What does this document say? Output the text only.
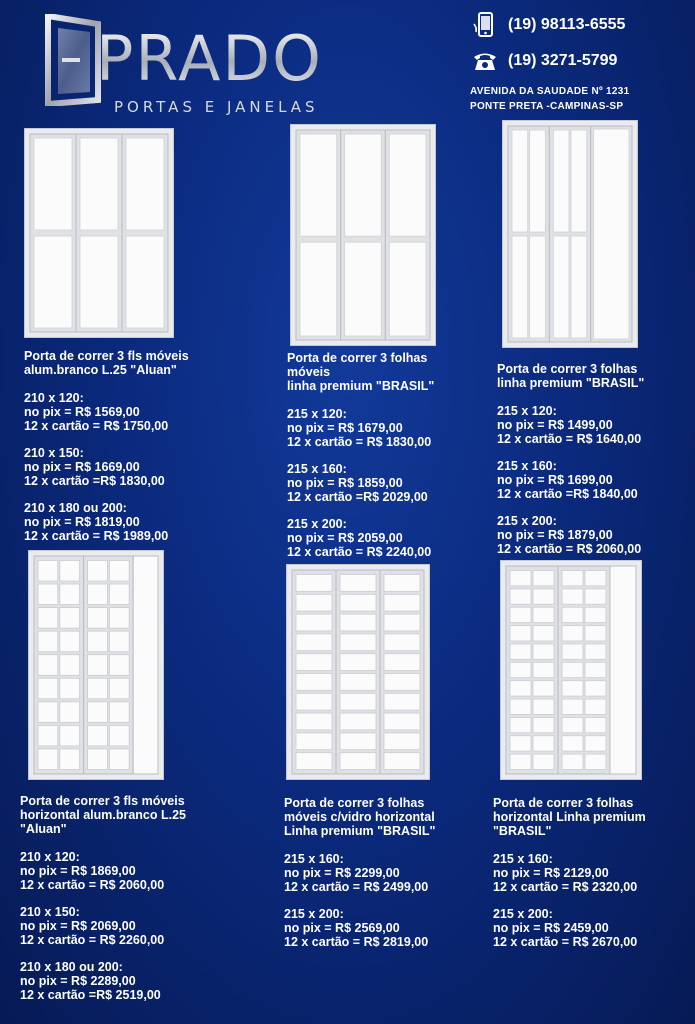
PRADO
PORTAS E JANELAS
(19) 98113-6555
(19) 3271-5799
AVENIDA DA SAUDADE Nº 1231
PONTE PRETA -CAMPINAS-SP
Porta de correr 3 fls móveis
alum.branco L.25 "Aluan"
210 x 120:
no pix = R$ 1569,00
12 x cartão = R$ 1750,00
210 x 150:
no pix = R$ 1669,00
12 x cartão =R$ 1830,00
210 x 180 ou 200:
no pix = R$ 1819,00
12 x cartão = R$ 1989,00
Porta de correr 3 folhas
móveis
linha premium "BRASIL"
215 x 120:
no pix = R$ 1679,00
12 x cartão = R$ 1830,00
215 x 160:
no pix = R$ 1859,00
12 x cartão =R$ 2029,00
215 x 200:
no pix = R$ 2059,00
12 x cartão = R$ 2240,00
Porta de correr 3 folhas
linha premium "BRASIL"
215 x 120:
no pix = R$ 1499,00
12 x cartão = R$ 1640,00
215 x 160:
no pix = R$ 1699,00
12 x cartão =R$ 1840,00
215 x 200:
no pix = R$ 1879,00
12 x cartão = R$ 2060,00
Porta de correr 3 fls móveis
horizontal alum.branco L.25
"Aluan"
210 x 120:
no pix = R$ 1869,00
12 x cartão = R$ 2060,00
210 x 150:
no pix = R$ 2069,00
12 x cartão = R$ 2260,00
210 x 180 ou 200:
no pix = R$ 2289,00
12 x cartão =R$ 2519,00
Porta de correr 3 folhas
móveis c/vidro horizontal
Linha premium "BRASIL"
215 x 160:
no pix = R$ 2299,00
12 x cartão = R$ 2499,00
215 x 200:
no pix = R$ 2569,00
12 x cartão = R$ 2819,00
Porta de correr 3 folhas
horizontal Linha premium
"BRASIL"
215 x 160:
no pix = R$ 2129,00
12 x cartão = R$ 2320,00
215 x 200:
no pix = R$ 2459,00
12 x cartão = R$ 2670,00
